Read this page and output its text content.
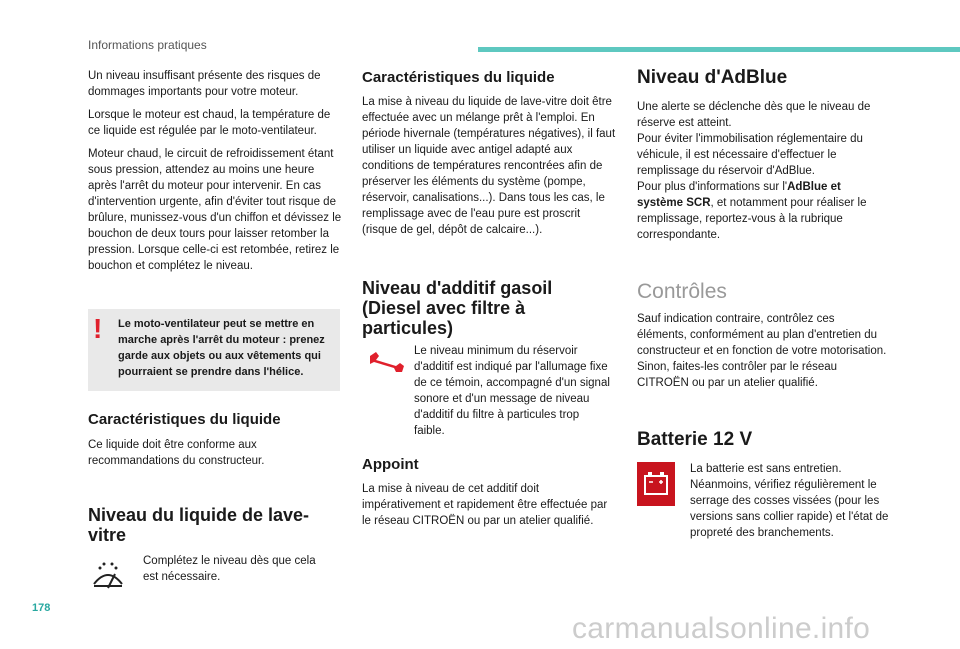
Informations pratiques

Un niveau insuffisant présente des risques de dommages importants pour votre moteur.

Lorsque le moteur est chaud, la température de ce liquide est régulée par le moto-ventilateur.

Moteur chaud, le circuit de refroidissement étant sous pression, attendez au moins une heure après l'arrêt du moteur pour intervenir. En cas d'intervention urgente, afin d'éviter tout risque de brûlure, munissez-vous d'un chiffon et dévissez le bouchon de deux tours pour laisser retomber la pression. Lorsque celle-ci est retombée, retirez le bouchon et complétez le niveau.

! Le moto-ventilateur peut se mettre en marche après l'arrêt du moteur : prenez garde aux objets ou aux vêtements qui pourraient se prendre dans l'hélice.

Caractéristiques du liquide

Ce liquide doit être conforme aux recommandations du constructeur.

Niveau du liquide de lave-vitre

Complétez le niveau dès que cela est nécessaire.

Caractéristiques du liquide

La mise à niveau du liquide de lave-vitre doit être effectuée avec un mélange prêt à l'emploi. En période hivernale (températures négatives), il faut utiliser un liquide avec antigel adapté aux conditions de températures rencontrées afin de préserver les éléments du système (pompe, réservoir, canalisations...). Dans tous les cas, le remplissage avec de l'eau pure est proscrit (risque de gel, dépôt de calcaire...).

Niveau d'additif gasoil (Diesel avec filtre à particules)

Le niveau minimum du réservoir d'additif est indiqué par l'allumage fixe de ce témoin, accompagné d'un signal sonore et d'un message de niveau d'additif du filtre à particules trop faible.

Appoint

La mise à niveau de cet additif doit impérativement et rapidement être effectuée par le réseau CITROËN ou par un atelier qualifié.

Niveau d'AdBlue

Une alerte se déclenche dès que le niveau de réserve est atteint.

Pour éviter l'immobilisation réglementaire du véhicule, il est nécessaire d'effectuer le remplissage du réservoir d'AdBlue.

Pour plus d'informations sur l'AdBlue et système SCR, et notamment pour réaliser le remplissage, reportez-vous à la rubrique correspondante.

Contrôles

Sauf indication contraire, contrôlez ces éléments, conformément au plan d'entretien du constructeur et en fonction de votre motorisation. Sinon, faites-les contrôler par le réseau CITROËN ou par un atelier qualifié.

Batterie 12 V

La batterie est sans entretien. Néanmoins, vérifiez régulièrement le serrage des cosses vissées (pour les versions sans collier rapide) et l'état de propreté des branchements.

178
carmanualsonline.info
